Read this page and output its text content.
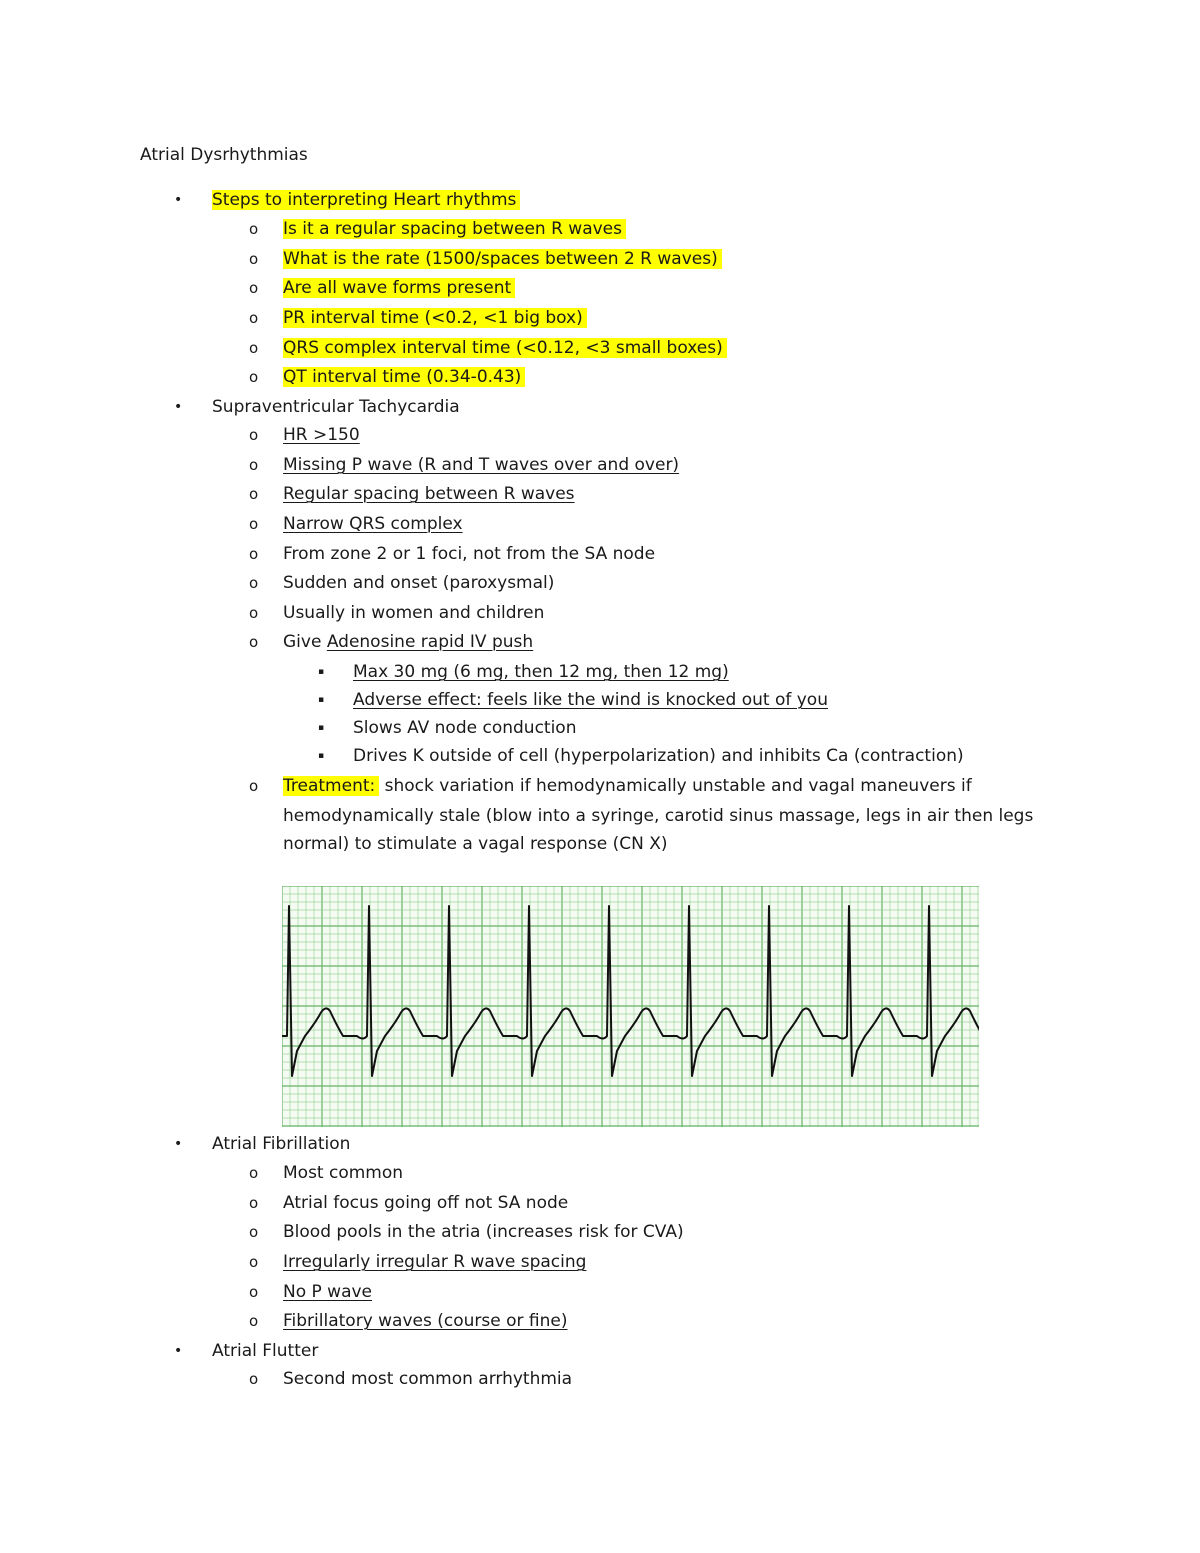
Atrial Dysrhythmias
• Steps to interpreting Heart rhythms
o Is it a regular spacing between R waves
o What is the rate (1500/spaces between 2 R waves)
o Are all wave forms present
o PR interval time (<0.2, <1 big box)
o QRS complex interval time (<0.12, <3 small boxes)
o QT interval time (0.34-0.43)
• Supraventricular Tachycardia
o HR >150
o Missing P wave (R and T waves over and over)
o Regular spacing between R waves
o Narrow QRS complex
o From zone 2 or 1 foci, not from the SA node
o Sudden and onset (paroxysmal)
o Usually in women and children
o Give Adenosine rapid IV push
▪ Max 30 mg (6 mg, then 12 mg, then 12 mg)
▪ Adverse effect: feels like the wind is knocked out of you
▪ Slows AV node conduction
▪ Drives K outside of cell (hyperpolarization) and inhibits Ca (contraction)
o Treatment: shock variation if hemodynamically unstable and vagal maneuvers if
hemodynamically stale (blow into a syringe, carotid sinus massage, legs in air then legs
normal) to stimulate a vagal response (CN X)
• Atrial Fibrillation
o Most common
o Atrial focus going off not SA node
o Blood pools in the atria (increases risk for CVA)
o Irregularly irregular R wave spacing
o No P wave
o Fibrillatory waves (course or fine)
• Atrial Flutter
o Second most common arrhythmia
